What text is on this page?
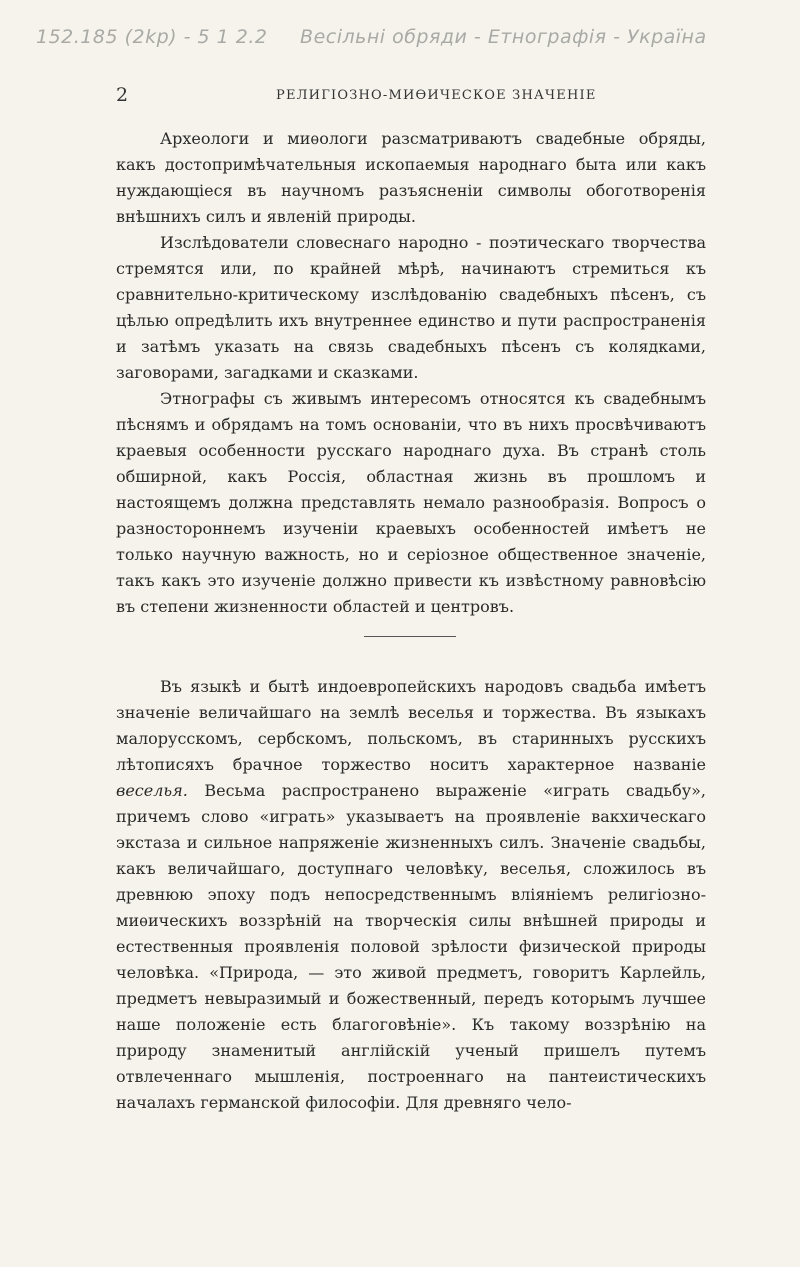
152.185 (2kp) - 5 1 2.2 Весільні обряди - Етнографія - Україна
2	РЕЛИГІОЗНО-МИѲИЧЕСКОЕ ЗНАЧЕНІЕ

Археологи и миѳологи разсматриваютъ свадебные обряды, какъ достопримѣчательныя ископаемыя народнаго быта или какъ нуждающіеся въ научномъ разъясненіи символы обоготворенія внѣшнихъ силъ и явленій природы.

Изслѣдователи словеснаго народно - поэтическаго творчества стремятся или, по крайней мѣрѣ, начинаютъ стремиться къ сравнительно-критическому изслѣдованію свадебныхъ пѣсенъ, съ цѣлью опредѣлить ихъ внутреннее единство и пути распространенія и затѣмъ указать на связь свадебныхъ пѣсенъ съ колядками, заговорами, загадками и сказками.

Этнографы съ живымъ интересомъ относятся къ свадебнымъ пѣснямъ и обрядамъ на томъ основаніи, что въ нихъ просвѣчиваютъ краевыя особенности русскаго народнаго духа. Въ странѣ столь обширной, какъ Россія, областная жизнь въ прошломъ и настоящемъ должна представлять немало разнообразія. Вопросъ о разностороннемъ изученіи краевыхъ особенностей имѣетъ не только научную важность, но и серіозное общественное значеніе, такъ какъ это изученіе должно привести къ извѣстному равновѣсію въ степени жизненности областей и центровъ.

Въ языкѣ и бытѣ индоевропейскихъ народовъ свадьба имѣетъ значеніе величайшаго на землѣ веселья и торжества. Въ языкахъ малорусскомъ, сербскомъ, польскомъ, въ старинныхъ русскихъ лѣтописяхъ брачное торжество носитъ характерное названіе веселья. Весьма распространено выраженіе «играть свадьбу», причемъ слово «играть» указываетъ на проявленіе вакхическаго экстаза и сильное напряженіе жизненныхъ силъ. Значеніе свадьбы, какъ величайшаго, доступнаго человѣку, веселья, сложилось въ древнюю эпоху подъ непосредственнымъ вліяніемъ религіозно-миѳическихъ воззрѣній на творческія силы внѣшней природы и естественныя проявленія половой зрѣлости физической природы человѣка. «Природа, — это живой предметъ, говоритъ Карлейль, предметъ невыразимый и божественный, передъ которымъ лучшее наше положеніе есть благоговѣніе». Къ такому воззрѣнію на природу знаменитый англійскій ученый пришелъ путемъ отвлеченнаго мышленія, построеннаго на пантеистическихъ началахъ германской философіи. Для древняго чело-
